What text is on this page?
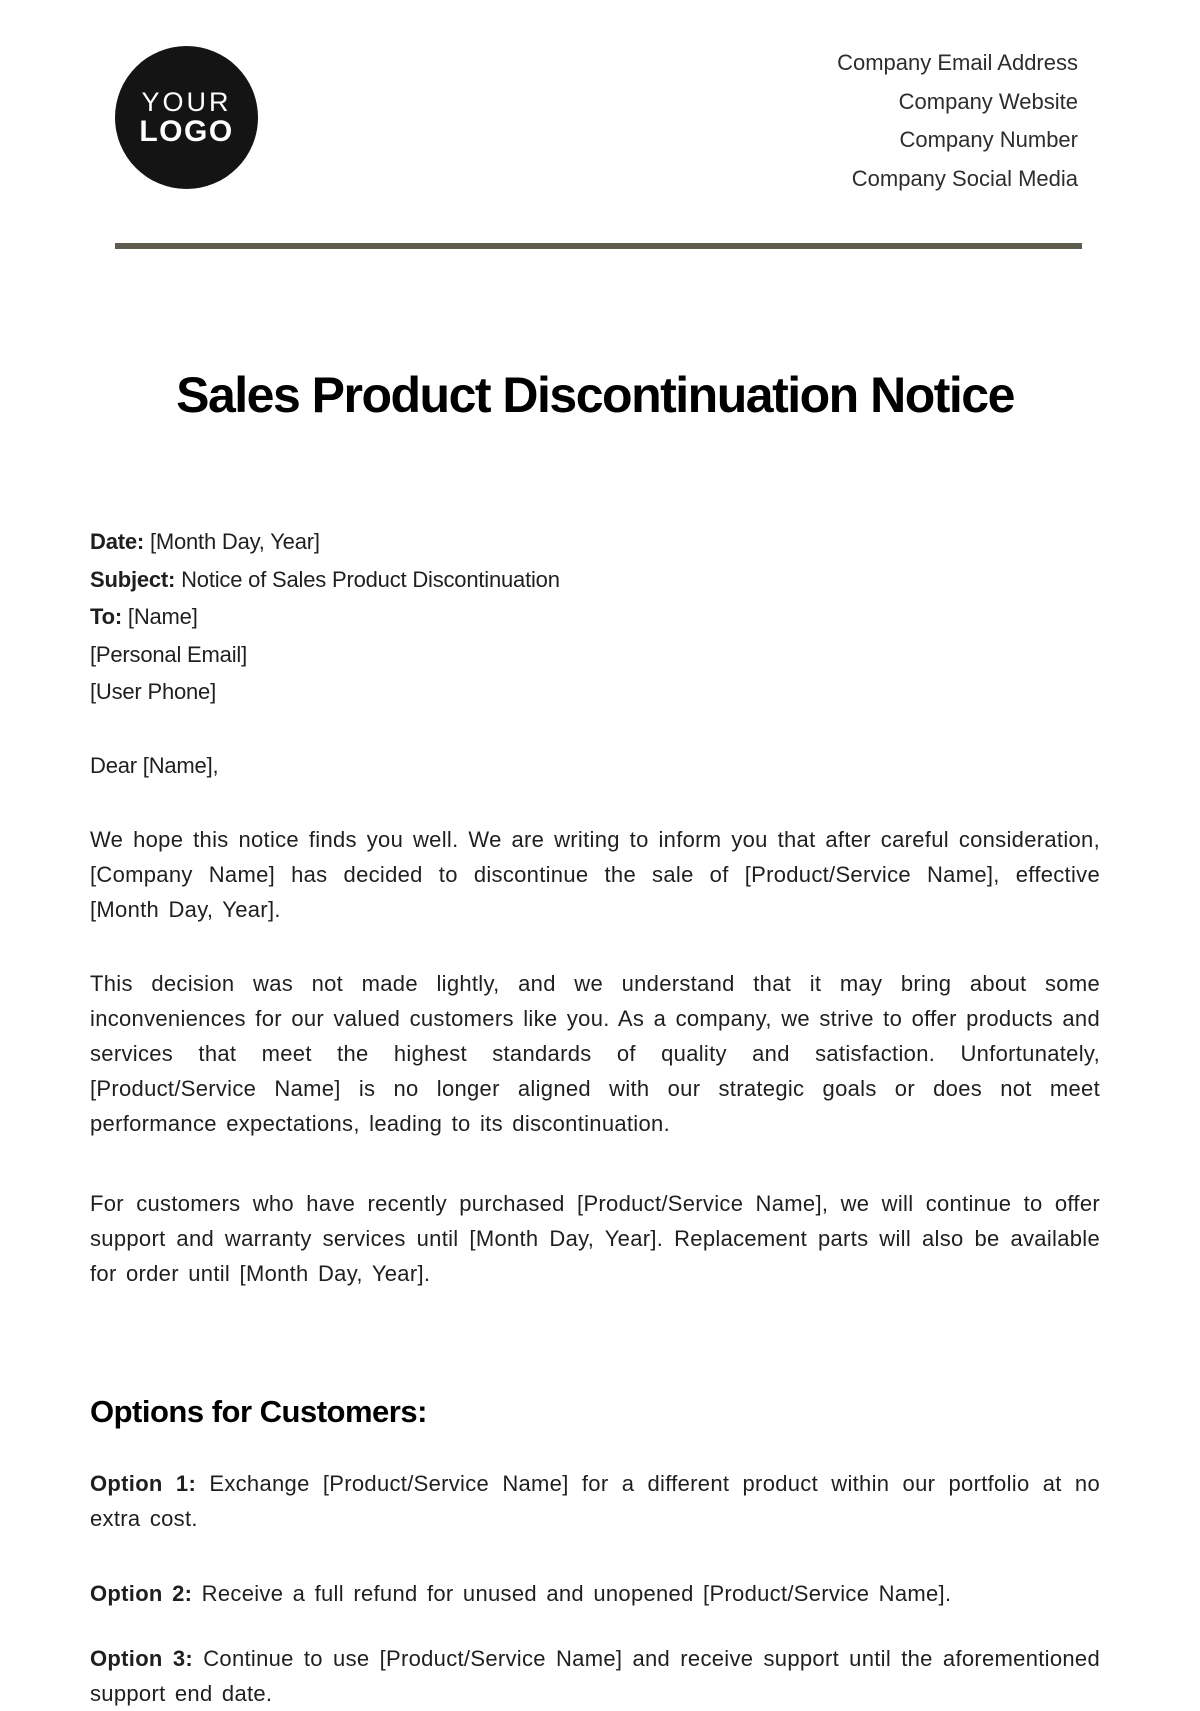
YOUR
LOGO
Company Email Address
Company Website
Company Number
Company Social Media
Sales Product Discontinuation Notice
Date: [Month Day, Year]
Subject: Notice of Sales Product Discontinuation
To: [Name]
[Personal Email]
[User Phone]
Dear [Name],

We hope this notice finds you well. We are writing to inform you that after careful consideration, [Company Name] has decided to discontinue the sale of [Product/Service Name], effective [Month Day, Year].

This decision was not made lightly, and we understand that it may bring about some inconveniences for our valued customers like you. As a company, we strive to offer products and services that meet the highest standards of quality and satisfaction. Unfortunately, [Product/Service Name] is no longer aligned with our strategic goals or does not meet performance expectations, leading to its discontinuation.

For customers who have recently purchased [Product/Service Name], we will continue to offer support and warranty services until [Month Day, Year]. Replacement parts will also be available for order until [Month Day, Year].

Options for Customers:

Option 1: Exchange [Product/Service Name] for a different product within our portfolio at no extra cost.

Option 2: Receive a full refund for unused and unopened [Product/Service Name].

Option 3: Continue to use [Product/Service Name] and receive support until the aforementioned support end date.
